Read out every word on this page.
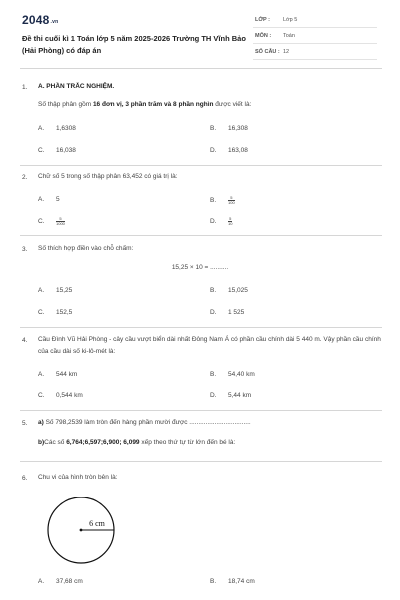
2048.vn
Đề thi cuối kì 1 Toán lớp 5 năm 2025-2026 Trường TH Vĩnh Bảo (Hải Phòng) có đáp án
LỚP : Lớp 5
MÔN : Toán
SỐ CÂU : 12
1. A. PHẦN TRẮC NGHIỆM.
Số thập phân gồm 16 đơn vị, 3 phần trăm và 8 phần nghìn được viết là:
A. 1,6308	B. 16,308
C. 16,038	D. 163,08
2. Chữ số 5 trong số thập phân 63,452 có giá trị là:
A. 5	B.	$\frac{5}{100}$
C.	$\frac{5}{1000}$	D.	$\frac{5}{10}$
3. Số thích hợp điền vào chỗ chấm:
15,25 × 10 = ..........
A. 15,25	B. 15,025
C. 152,5	D. 1 525
4. Cầu Đình Vũ Hải Phòng - cây cầu vượt biển dài nhất Đông Nam Á có phần cầu chính dài 5 440 m. Vậy phần cầu chính của cầu dài số ki-lô-mét là:
A. 544 km	B. 54,40 km
C. 0,544 km	D. 5,44 km
5. a) Số 798,2539 làm tròn đến hàng phần mười được ..................................
b)Các số 6,764;6,597;6,900; 6,099 xếp theo thứ tự từ lớn đến bé là:
6. Chu vi của hình tròn bên là:
6 cm
A. 37,68 cm	B. 18,74 cm
